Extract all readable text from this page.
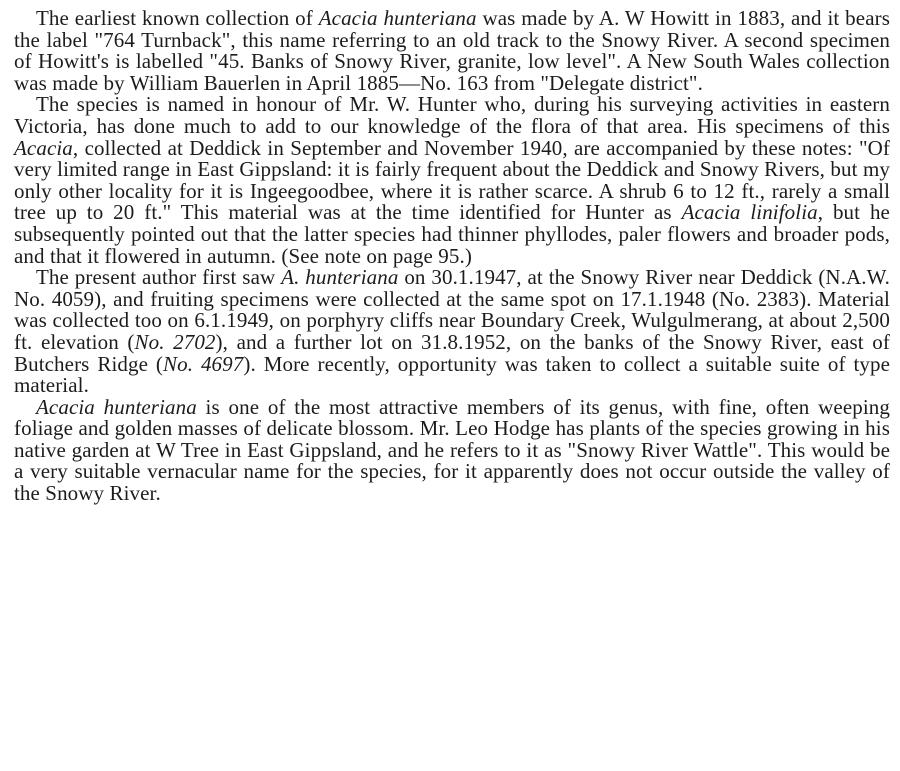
The earliest known collection of Acacia hunteriana was made by A. W Howitt in 1883, and it bears the label "764 Turnback", this name referring to an old track to the Snowy River. A second specimen of Howitt's is labelled "45. Banks of Snowy River, granite, low level". A New South Wales collection was made by William Bauerlen in April 1885—No. 163 from "Delegate district".

The species is named in honour of Mr. W. Hunter who, during his surveying activities in eastern Victoria, has done much to add to our knowledge of the flora of that area. His specimens of this Acacia, collected at Deddick in September and November 1940, are accompanied by these notes: "Of very limited range in East Gippsland: it is fairly frequent about the Deddick and Snowy Rivers, but my only other locality for it is Ingeegoodbee, where it is rather scarce. A shrub 6 to 12 ft., rarely a small tree up to 20 ft." This material was at the time identified for Hunter as Acacia linifolia, but he subsequently pointed out that the latter species had thinner phyllodes, paler flowers and broader pods, and that it flowered in autumn. (See note on page 95.)

The present author first saw A. hunteriana on 30.1.1947, at the Snowy River near Deddick (N.A.W. No. 4059), and fruiting specimens were collected at the same spot on 17.1.1948 (No. 2383). Material was collected too on 6.1.1949, on porphyry cliffs near Boundary Creek, Wulgulmerang, at about 2,500 ft. elevation (No. 2702), and a further lot on 31.8.1952, on the banks of the Snowy River, east of Butchers Ridge (No. 4697). More recently, opportunity was taken to collect a suitable suite of type material.

Acacia hunteriana is one of the most attractive members of its genus, with fine, often weeping foliage and golden masses of delicate blossom. Mr. Leo Hodge has plants of the species growing in his native garden at W Tree in East Gippsland, and he refers to it as "Snowy River Wattle". This would be a very suitable vernacular name for the species, for it apparently does not occur outside the valley of the Snowy River.
